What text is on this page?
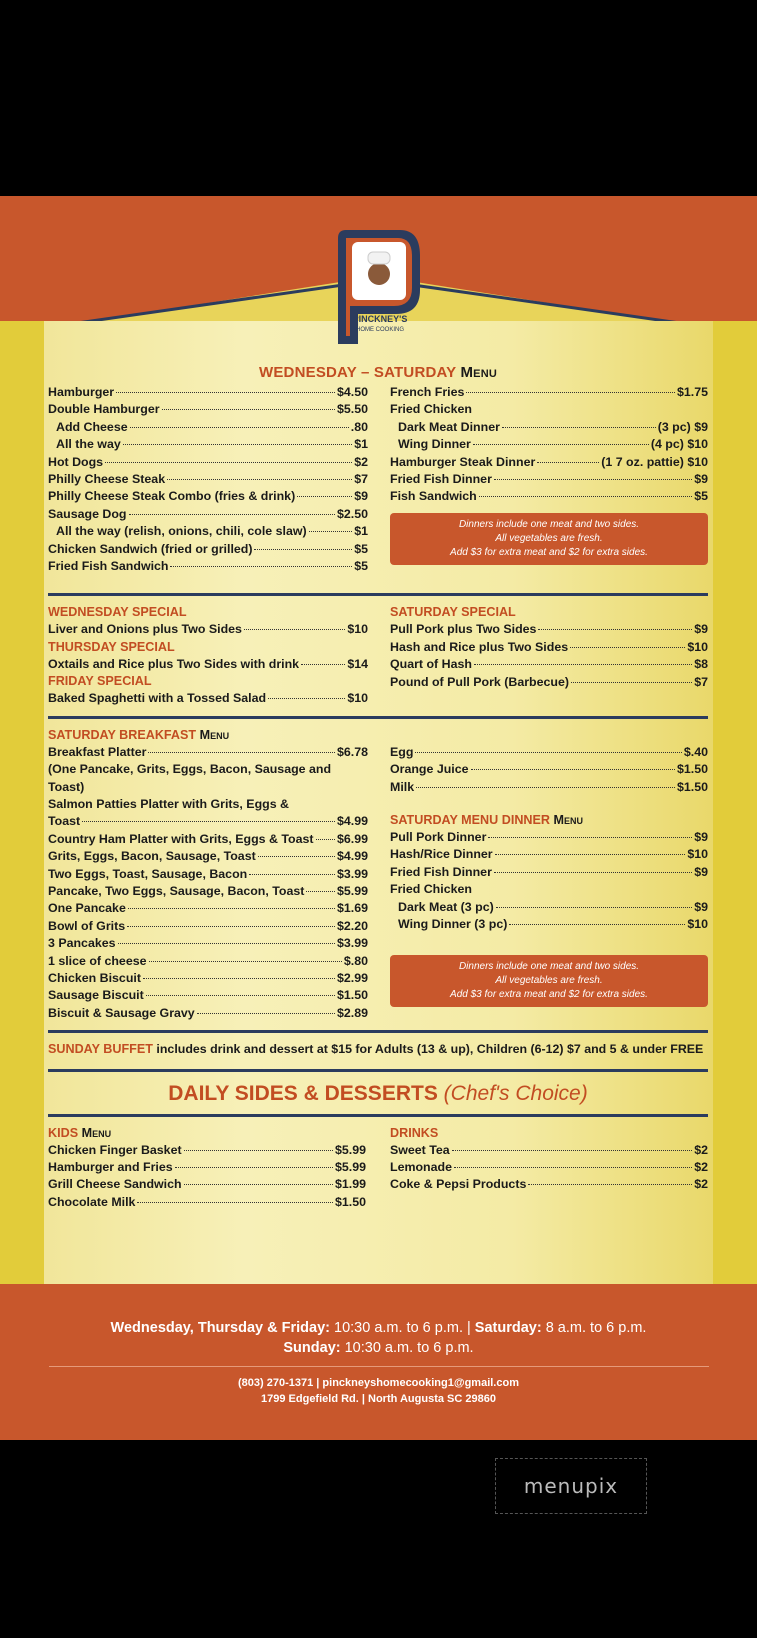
PINCKNEY'S
HOME COOKING
WEDNESDAY – SATURDAY Menu
Hamburger	$4.50
Double Hamburger	$5.50
Add Cheese	.80
All the way	$1
Hot Dogs	$2
Philly Cheese Steak	$7
Philly Cheese Steak Combo (fries & drink)	$9
Sausage Dog	$2.50
All the way (relish, onions, chili, cole slaw)	$1
Chicken Sandwich (fried or grilled)	$5
Fried Fish Sandwich	$5
French Fries	$1.75
Fried Chicken
Dark Meat Dinner	(3 pc) $9
Wing Dinner	(4 pc) $10
Hamburger Steak Dinner	(1 7 oz. pattie) $10
Fried Fish Dinner	$9
Fish Sandwich	$5
Dinners include one meat and two sides.
All vegetables are fresh.
Add $3 for extra meat and $2 for extra sides.
WEDNESDAY SPECIAL
Liver and Onions plus Two Sides	$10
THURSDAY SPECIAL
Oxtails and Rice plus Two Sides with drink	$14
FRIDAY SPECIAL
Baked Spaghetti with a Tossed Salad	$10
SATURDAY SPECIAL
Pull Pork plus Two Sides	$9
Hash and Rice plus Two Sides	$10
Quart of Hash	$8
Pound of Pull Pork (Barbecue)	$7
SATURDAY BREAKFAST Menu
Breakfast Platter	$6.78
(One Pancake, Grits, Eggs, Bacon, Sausage and Toast)
Salmon Patties Platter with Grits, Eggs &
Toast	$4.99
Country Ham Platter with Grits, Eggs & Toast $6.99
Grits, Eggs, Bacon, Sausage, Toast	$4.99
Two Eggs, Toast, Sausage, Bacon	$3.99
Pancake, Two Eggs, Sausage, Bacon, Toast	$5.99
One Pancake	$1.69
Bowl of Grits	$2.20
3 Pancakes	$3.99
1 slice of cheese	$.80
Chicken Biscuit	$2.99
Sausage Biscuit	$1.50
Biscuit & Sausage Gravy	$2.89
Egg	$.40
Orange Juice	$1.50
Milk	$1.50
SATURDAY MENU DINNER Menu
Pull Pork Dinner	$9
Hash/Rice Dinner	$10
Fried Fish Dinner	$9
Fried Chicken
Dark Meat (3 pc)	$9
Wing Dinner (3 pc)	$10
Dinners include one meat and two sides.
All vegetables are fresh.
Add $3 for extra meat and $2 for extra sides.
SUNDAY BUFFET includes drink and dessert at $15 for Adults (13 & up), Children (6-12) $7 and 5 & under FREE
DAILY SIDES & DESSERTS (Chef's Choice)
KIDS Menu
Chicken Finger Basket	$5.99
Hamburger and Fries	$5.99
Grill Cheese Sandwich	$1.99
Chocolate Milk	$1.50
DRINKS
Sweet Tea	$2
Lemonade	$2
Coke & Pepsi Products	$2
Wednesday, Thursday & Friday: 10:30 a.m. to 6 p.m. | Saturday: 8 a.m. to 6 p.m.
Sunday: 10:30 a.m. to 6 p.m.
(803) 270-1371 | pinckneyshomecooking1@gmail.com
1799 Edgefield Rd. | North Augusta SC 29860
menupix
